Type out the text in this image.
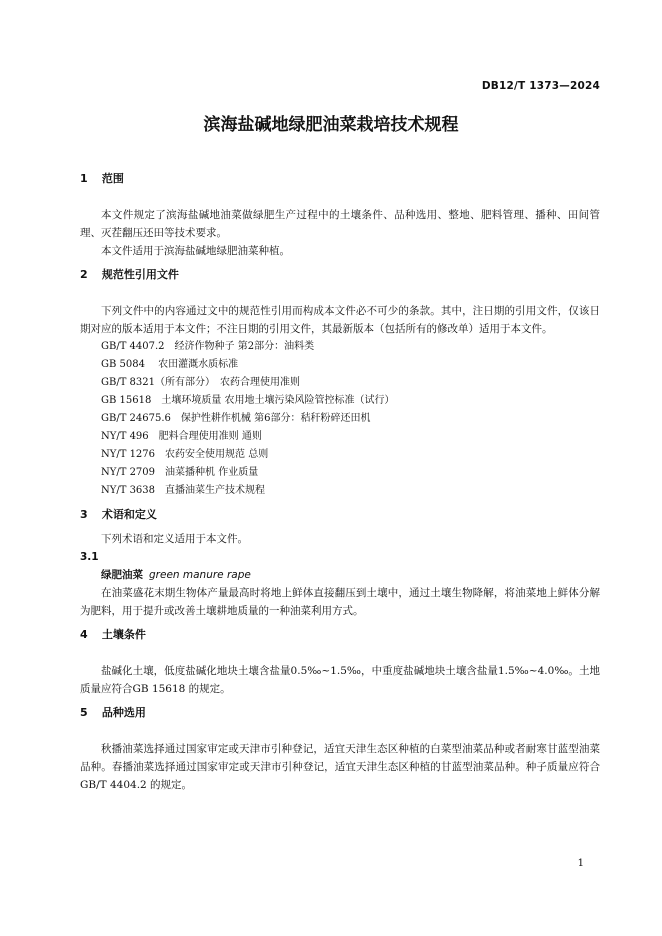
DB12/T 1373—2024
滨海盐碱地绿肥油菜栽培技术规程
1 范围
本文件规定了滨海盐碱地油菜做绿肥生产过程中的土壤条件、品种选用、整地、肥料管理、播种、田间管理、灭茬翻压还田等技术要求。
本文件适用于滨海盐碱地绿肥油菜种植。
2 规范性引用文件
下列文件中的内容通过文中的规范性引用而构成本文件必不可少的条款。其中，注日期的引用文件，仅该日期对应的版本适用于本文件；不注日期的引用文件，其最新版本（包括所有的修改单）适用于本文件。
GB/T 4407.2　经济作物种子 第2部分：油料类
GB 5084　 农田灌溉水质标准
GB/T 8321（所有部分）　农药合理使用准则
GB 15618　土壤环境质量 农用地土壤污染风险管控标准（试行）
GB/T 24675.6　保护性耕作机械 第6部分：秸秆粉碎还田机
NY/T 496　肥料合理使用准则 通则
NY/T 1276　农药安全使用规范 总则
NY/T 2709　油菜播种机 作业质量
NY/T 3638　直播油菜生产技术规程
3 术语和定义
下列术语和定义适用于本文件。
3.1
绿肥油菜 green manure rape
在油菜盛花末期生物体产量最高时将地上鲜体直接翻压到土壤中，通过土壤生物降解，将油菜地上鲜体分解为肥料，用于提升或改善土壤耕地质量的一种油菜利用方式。
4 土壤条件
盐碱化土壤，低度盐碱化地块土壤含盐量0.5‰~1.5‰，中重度盐碱地块土壤含盐量1.5‰~4.0‰。土地质量应符合GB 15618 的规定。
5 品种选用
秋播油菜选择通过国家审定或天津市引种登记，适宜天津生态区种植的白菜型油菜品种或者耐寒甘蓝型油菜品种。春播油菜选择通过国家审定或天津市引种登记，适宜天津生态区种植的甘蓝型油菜品种。种子质量应符合GB/T 4404.2 的规定。
1
